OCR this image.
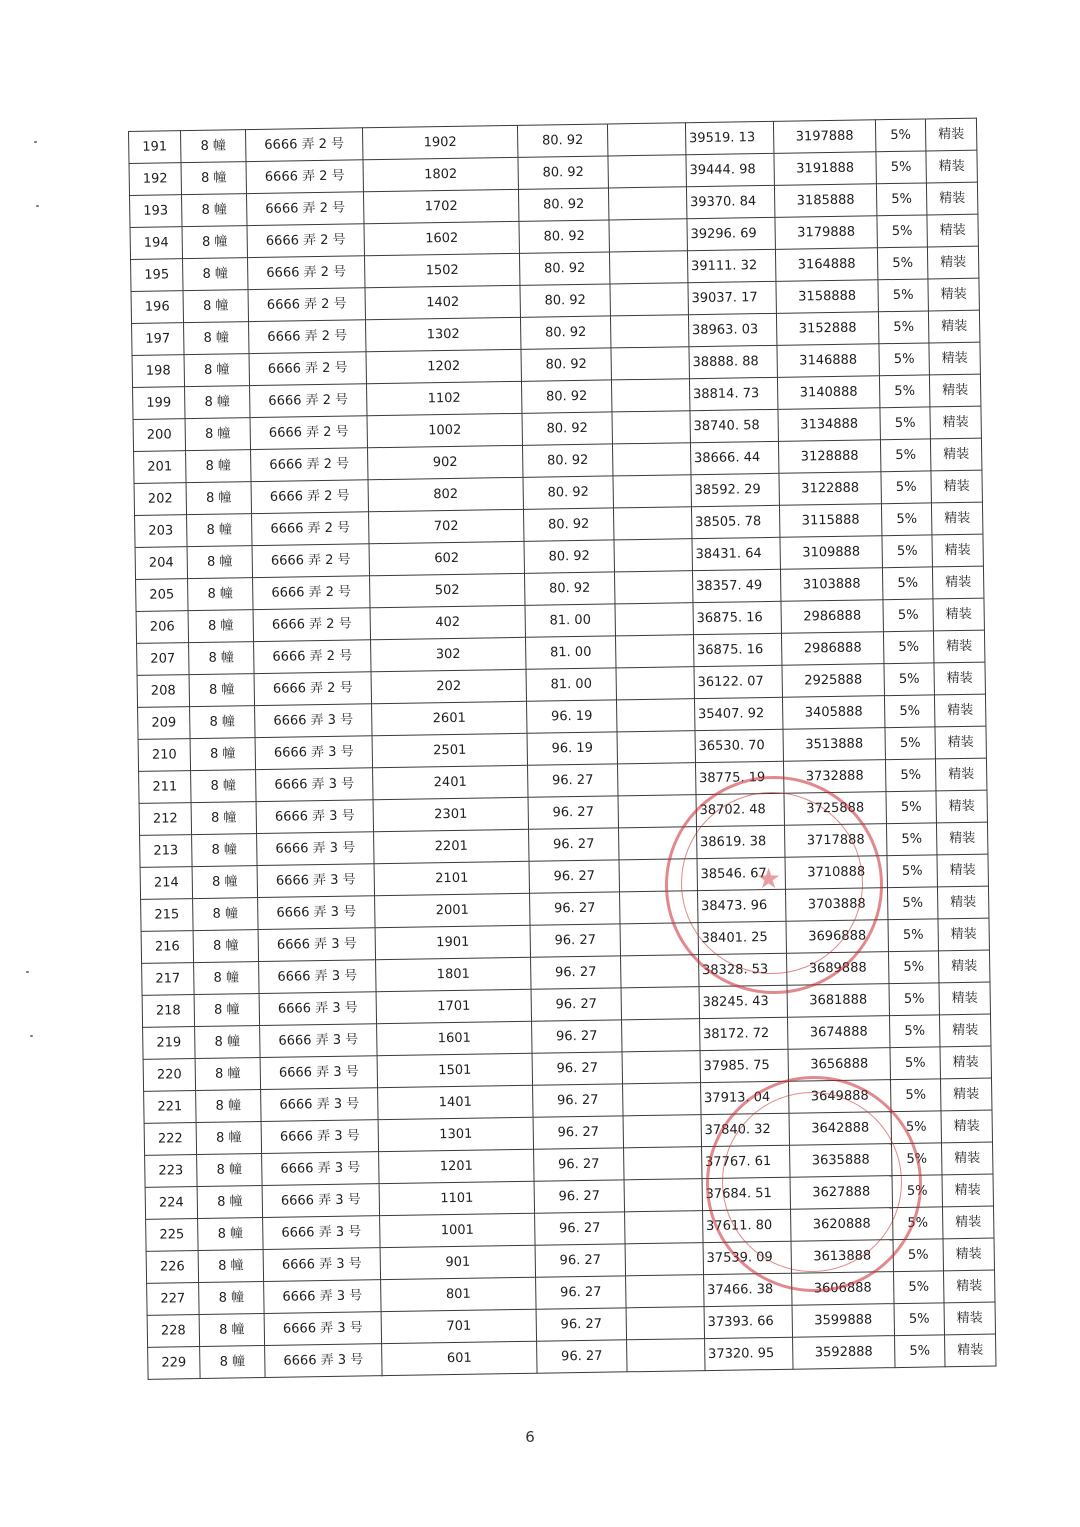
191	8 幢	6666 弄 2 号	1902	80. 92		39519. 13	3197888	5%	精装
192	8 幢	6666 弄 2 号	1802	80. 92		39444. 98	3191888	5%	精装
193	8 幢	6666 弄 2 号	1702	80. 92		39370. 84	3185888	5%	精装
194	8 幢	6666 弄 2 号	1602	80. 92		39296. 69	3179888	5%	精装
195	8 幢	6666 弄 2 号	1502	80. 92		39111. 32	3164888	5%	精装
196	8 幢	6666 弄 2 号	1402	80. 92		39037. 17	3158888	5%	精装
197	8 幢	6666 弄 2 号	1302	80. 92		38963. 03	3152888	5%	精装
198	8 幢	6666 弄 2 号	1202	80. 92		38888. 88	3146888	5%	精装
199	8 幢	6666 弄 2 号	1102	80. 92		38814. 73	3140888	5%	精装
200	8 幢	6666 弄 2 号	1002	80. 92		38740. 58	3134888	5%	精装
201	8 幢	6666 弄 2 号	902	80. 92		38666. 44	3128888	5%	精装
202	8 幢	6666 弄 2 号	802	80. 92		38592. 29	3122888	5%	精装
203	8 幢	6666 弄 2 号	702	80. 92		38505. 78	3115888	5%	精装
204	8 幢	6666 弄 2 号	602	80. 92		38431. 64	3109888	5%	精装
205	8 幢	6666 弄 2 号	502	80. 92		38357. 49	3103888	5%	精装
206	8 幢	6666 弄 2 号	402	81. 00		36875. 16	2986888	5%	精装
207	8 幢	6666 弄 2 号	302	81. 00		36875. 16	2986888	5%	精装
208	8 幢	6666 弄 2 号	202	81. 00		36122. 07	2925888	5%	精装
209	8 幢	6666 弄 3 号	2601	96. 19		35407. 92	3405888	5%	精装
210	8 幢	6666 弄 3 号	2501	96. 19		36530. 70	3513888	5%	精装
211	8 幢	6666 弄 3 号	2401	96. 27		38775. 19	3732888	5%	精装
212	8 幢	6666 弄 3 号	2301	96. 27		38702. 48	3725888	5%	精装
213	8 幢	6666 弄 3 号	2201	96. 27		38619. 38	3717888	5%	精装
214	8 幢	6666 弄 3 号	2101	96. 27		38546. 67	3710888	5%	精装
215	8 幢	6666 弄 3 号	2001	96. 27		38473. 96	3703888	5%	精装
216	8 幢	6666 弄 3 号	1901	96. 27		38401. 25	3696888	5%	精装
217	8 幢	6666 弄 3 号	1801	96. 27		38328. 53	3689888	5%	精装
218	8 幢	6666 弄 3 号	1701	96. 27		38245. 43	3681888	5%	精装
219	8 幢	6666 弄 3 号	1601	96. 27		38172. 72	3674888	5%	精装
220	8 幢	6666 弄 3 号	1501	96. 27		37985. 75	3656888	5%	精装
221	8 幢	6666 弄 3 号	1401	96. 27		37913. 04	3649888	5%	精装
222	8 幢	6666 弄 3 号	1301	96. 27		37840. 32	3642888	5%	精装
223	8 幢	6666 弄 3 号	1201	96. 27		37767. 61	3635888	5%	精装
224	8 幢	6666 弄 3 号	1101	96. 27		37684. 51	3627888	5%	精装
225	8 幢	6666 弄 3 号	1001	96. 27		37611. 80	3620888	5%	精装
226	8 幢	6666 弄 3 号	901	96. 27		37539. 09	3613888	5%	精装
227	8 幢	6666 弄 3 号	801	96. 27		37466. 38	3606888	5%	精装
228	8 幢	6666 弄 3 号	701	96. 27		37393. 66	3599888	5%	精装
229	8 幢	6666 弄 3 号	601	96. 27		37320. 95	3592888	5%	精装
★
6
